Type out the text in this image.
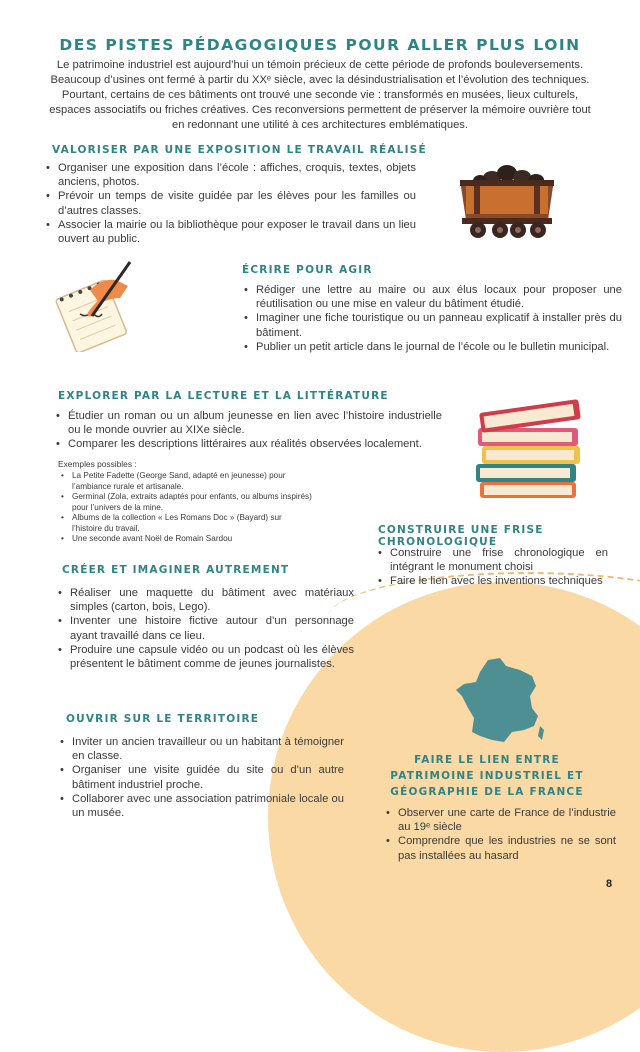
DES PISTES PÉDAGOGIQUES POUR ALLER PLUS LOIN
Le patrimoine industriel est aujourd’hui un témoin précieux de cette période de profonds bouleversements. Beaucoup d’usines ont fermé à partir du XXᵉ siècle, avec la désindustrialisation et l’évolution des techniques. Pourtant, certains de ces bâtiments ont trouvé une seconde vie : transformés en musées, lieux culturels, espaces associatifs ou friches créatives. Ces reconversions permettent de préserver la mémoire ouvrière tout en redonnant une utilité à ces architectures emblématiques.
VALORISER PAR UNE EXPOSITION LE TRAVAIL RÉALISÉ
• Organiser une exposition dans l’école : affiches, croquis, textes, objets anciens, photos.
• Prévoir un temps de visite guidée par les élèves pour les familles ou d’autres classes.
• Associer la mairie ou la bibliothèque pour exposer le travail dans un lieu ouvert au public.
ÉCRIRE POUR AGIR
• Rédiger une lettre au maire ou aux élus locaux pour proposer une réutilisation ou une mise en valeur du bâtiment étudié.
• Imaginer une fiche touristique ou un panneau explicatif à installer près du bâtiment.
• Publier un petit article dans le journal de l’école ou le bulletin municipal.
EXPLORER PAR LA LECTURE ET LA LITTÉRATURE
• Étudier un roman ou un album jeunesse en lien avec l’histoire industrielle ou le monde ouvrier au XIXe siècle.
• Comparer les descriptions littéraires aux réalités observées localement.
Exemples possibles :
• La Petite Fadette (George Sand, adapté en jeunesse) pour l’ambiance rurale et artisanale.
• Germinal (Zola, extraits adaptés pour enfants, ou albums inspirés) pour l’univers de la mine.
• Albums de la collection « Les Romans Doc » (Bayard) sur l’histoire du travail.
• Une seconde avant Noël de Romain Sardou
CONSTRUIRE UNE FRISE CHRONOLOGIQUE
• Construire une frise chronologique en intégrant le monument choisi
• Faire le lien avec les inventions techniques
CRÉER ET IMAGINER AUTREMENT
• Réaliser une maquette du bâtiment avec matériaux simples (carton, bois, Lego).
• Inventer une histoire fictive autour d’un personnage ayant travaillé dans ce lieu.
• Produire une capsule vidéo ou un podcast où les élèves présentent le bâtiment comme de jeunes journalistes.
OUVRIR SUR LE TERRITOIRE
• Inviter un ancien travailleur ou un habitant à témoigner en classe.
• Organiser une visite guidée du site ou d’un autre bâtiment industriel proche.
• Collaborer avec une association patrimoniale locale ou un musée.
FAIRE LE LIEN ENTRE PATRIMOINE INDUSTRIEL ET GÉOGRAPHIE DE LA FRANCE
• Observer une carte de France de l’industrie au 19ᵉ siècle
• Comprendre que les industries ne se sont pas installées au hasard
8
